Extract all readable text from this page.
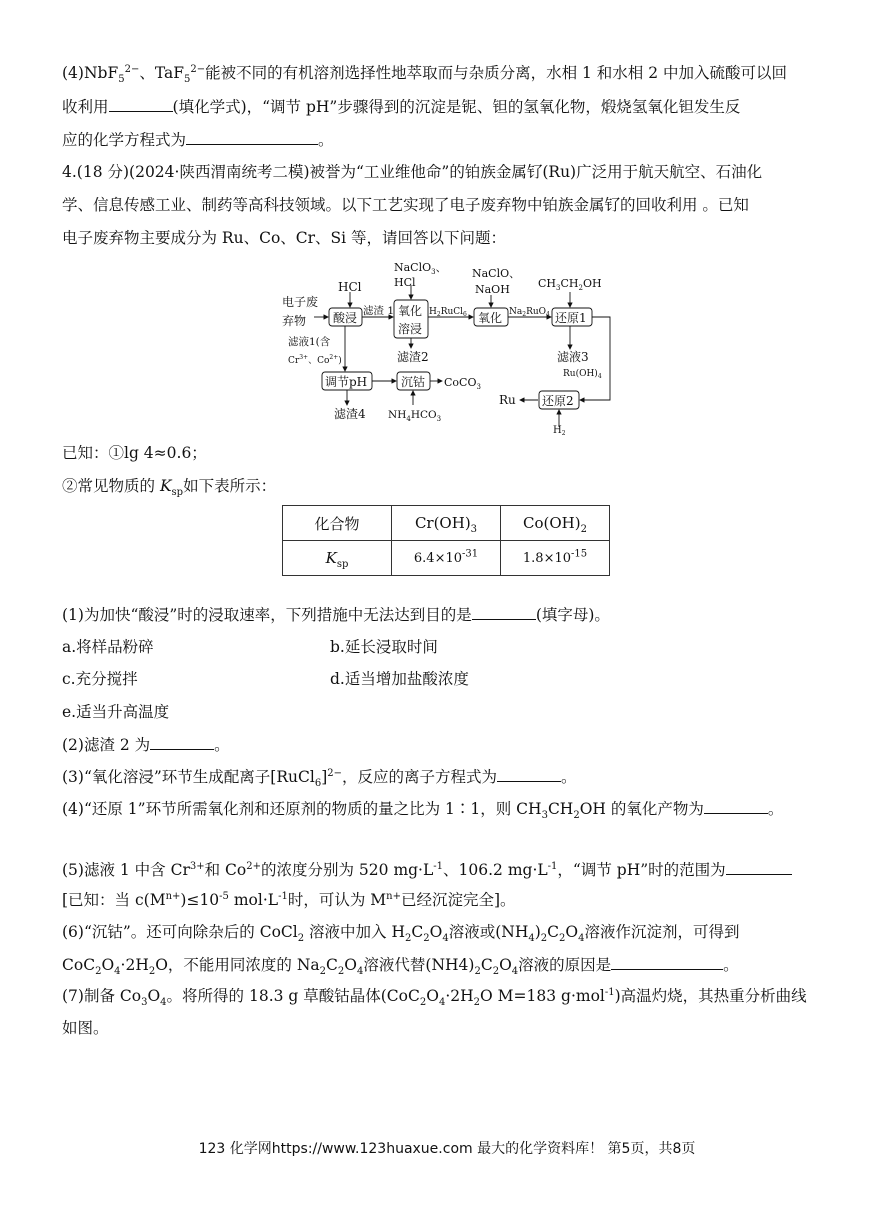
(4)NbF$_5^{2-}$、TaF$_5^{2-}$能被不同的有机溶剂选择性地萃取而与杂质分离，水相 1 和水相 2 中加入硫酸可以回
收利用	(填化学式)，“调节 pH”步骤得到的沉淀是铌、钽的氢氧化物，煅烧氢氧化钽发生反
应的化学方程式为	。
4.(18 分)(2024·陕西渭南统考二模)被誉为“工业维他命”的铂族金属钌(Ru)广泛用于航天航空、石油化
学、信息传感工业、制药等高科技领域。以下工艺实现了电子废弃物中铂族金属钌的回收利用 。已知
电子废弃物主要成分为 Ru、Co、Cr、Si 等，请回答以下问题：
电子废
弃物
HCl
酸浸 滤渣 1
NaClO$_3$、
HCl
氧化
溶浸
$H_2RuCl_6$
滤渣2
NaClO、
NaOH
氧化 $Na_2RuO_4$
$CH_3CH_2OH$
还原1
滤液1(含
$Cr^{3+}$、$Co^{2+}$)	滤液3
$Ru(OH)_4$
调节pH	沉钴 CoCO$_3$
滤渣4 $NH_4HCO_3$
Ru 还原2
$H_2$
已知：①lg 4≈0.6；
②常见物质的 $K_{sp}$如下表所示：
化合物	$Cr(OH)_3$	$Co(OH)_2$
$K_{sp}$	$6.4\times 10^{-31}$	$1.8\times 10^{-15}$
(1)为加快“酸浸”时的浸取速率，下列措施中无法达到目的是	(填字母)。
a.将样品粉碎	b.延长浸取时间
c.充分搅拌	d.适当增加盐酸浓度
e.适当升高温度
(2)滤渣 2 为	。
(3)“氧化溶浸”环节生成配离子[RuCl$_6$]$^{2-}$，反应的离子方程式为	。
(4)“还原 1”环节所需氧化剂和还原剂的物质的量之比为 1∶1，则 $CH_3CH_2OH$ 的氧化产物为	。
(5)滤液 1 中含 $Cr^{3+}$和 $Co^{2+}$的浓度分别为 520 $mg\cdot L^{-1}$、106.2 $mg\cdot L^{-1}$，“调节 pH”时的范围为
[已知：当 $c(M^{n+})\le 10^{-5}$ $mol\cdot L^{-1}$时，可认为 $M^{n+}$已经沉淀完全]。
(6)“沉钴”。还可向除杂后的 CoCl$_2$ 溶液中加入 $H_2C_2O_4$溶液或$(NH_4)_2C_2O_4$溶液作沉淀剂，可得到
$CoC_2O_4\cdot 2H_2O$，不能用同浓度的 $Na_2C_2O_4$溶液代替$(NH4)_2C_2O_4$溶液的原因是	。
(7)制备 $Co_3O_4$。将所得的 18.3 g 草酸钴晶体($CoC_2O_4\cdot 2H_2O$ M=183 g·mol$^{-1}$)高温灼烧，其热重分析曲线
如图。
123 化学网https://www.123huaxue.com 最大的化学资料库！ 第5页，共8页
